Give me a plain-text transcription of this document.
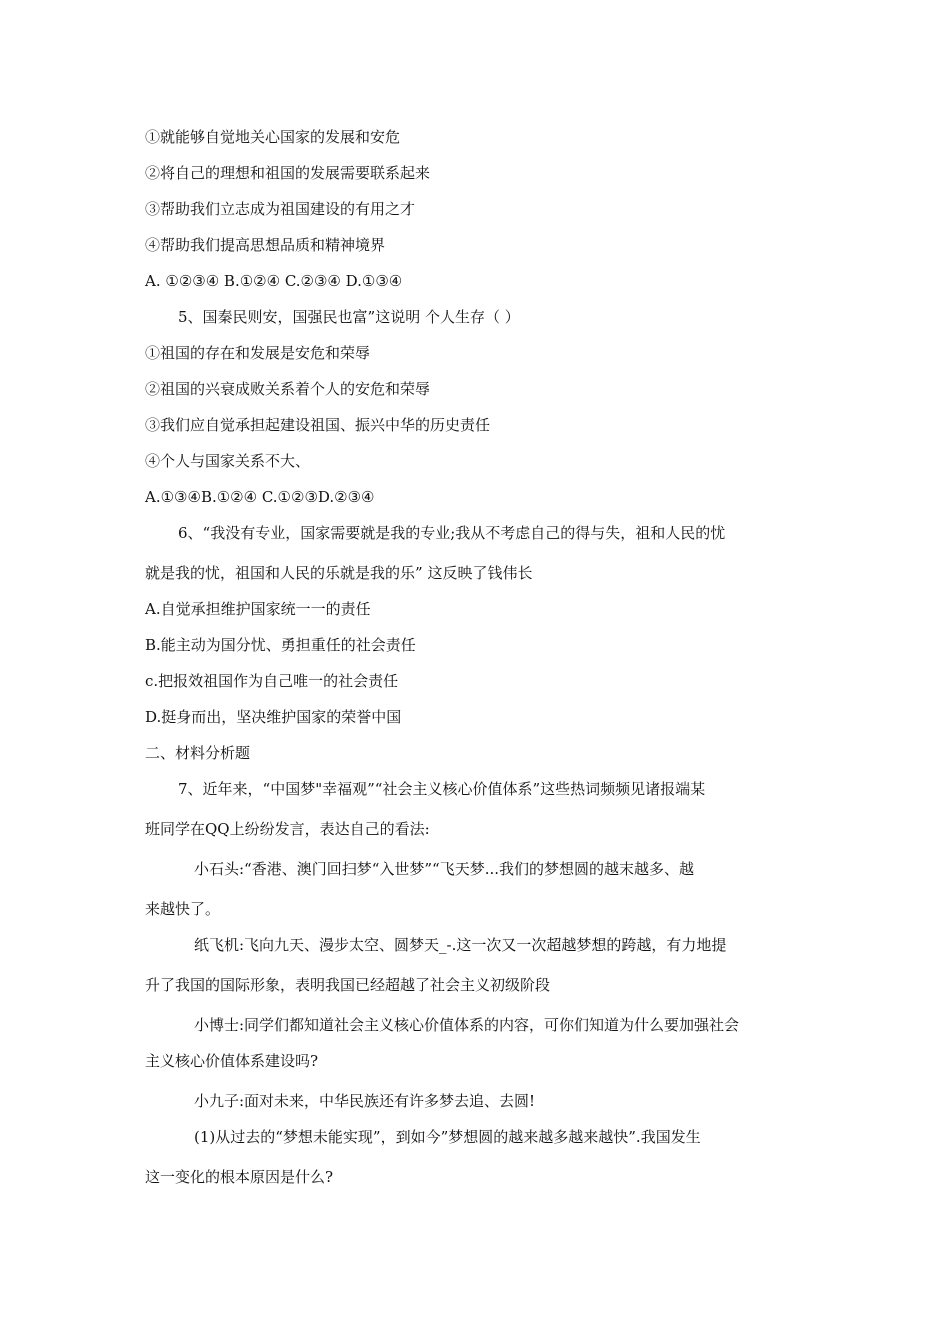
①就能够自觉地关心国家的发展和安危
②将自己的理想和祖国的发展需要联系起来
③帮助我们立志成为祖国建设的有用之才
④帮助我们提高思想品质和精神境界
A. ①②③④ B.①②④ C.②③④ D.①③④
5、国秦民则安，国强民也富”这说明 个人生存（ ）
①祖国的存在和发展是安危和荣辱
②祖国的兴衰成败关系着个人的安危和荣辱
③我们应自觉承担起建设祖国、振兴中华的历史责任
④个人与国家关系不大、
A.①③④B.①②④ C.①②③D.②③④
6、“我没有专业，国家需要就是我的专业;我从不考虑自己的得与失，祖和人民的忧
就是我的忧，祖国和人民的乐就是我的乐” 这反映了钱伟长
A.自觉承担维护国家统一一的责任
B.能主动为国分忧、勇担重任的社会责任
c.把报效祖国作为自己唯一的社会责任
D.挺身而出，坚决维护国家的荣誉中国
二、材料分析题
7、近年来，“中国梦"幸福观”“社会主义核心价值体系”这些热词频频见诸报端某
班同学在QQ上纷纷发言，表达自己的看法:
小石头:“香港、澳门回扫梦“入世梦”“飞天梦...我们的梦想圆的越末越多、越
来越快了。
纸飞机:飞向九天、漫步太空、圆梦天_-.这一次又一次超越梦想的跨越，有力地提
升了我国的国际形象，表明我国已经超越了社会主义初级阶段
小博士:同学们都知道社会主义核心价值体系的内容，可你们知道为什么要加强社会
主义核心价值体系建设吗?
小九子:面对未来，中华民族还有许多梦去追、去圆!
(1)从过去的“梦想未能实现”，到如今”梦想圆的越来越多越来越快”.我国发生
这一变化的根本原因是什么?
